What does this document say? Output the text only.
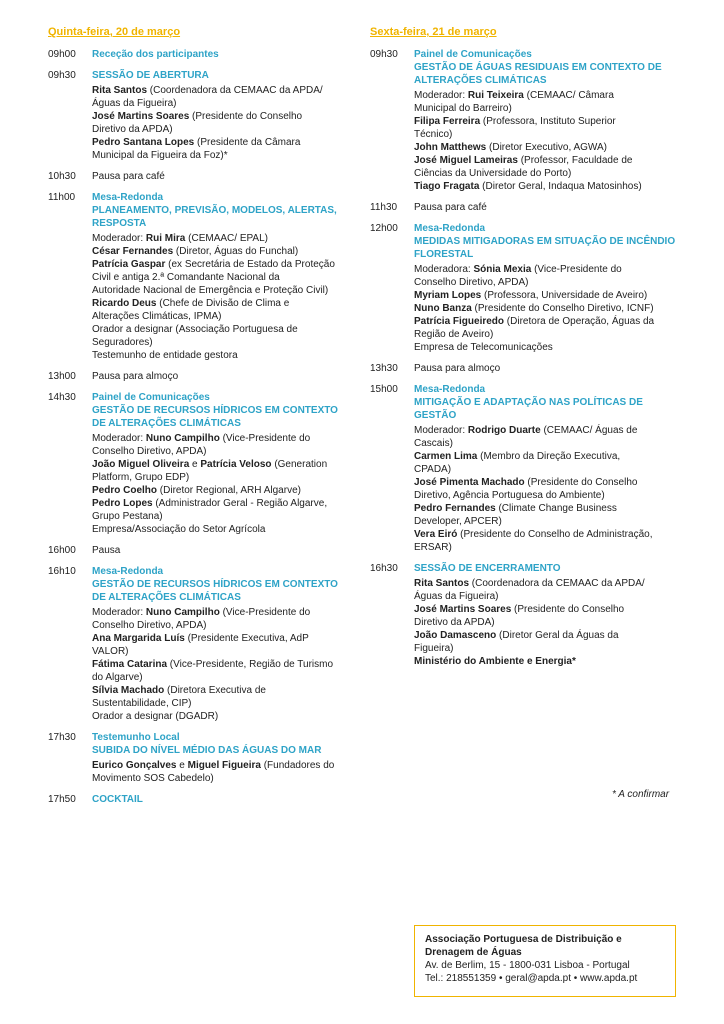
Quinta-feira, 20 de março
09h00	Receção dos participantes
09h30	SESSÃO DE ABERTURA
Rita Santos (Coordenadora da CEMAAC da APDA/
Águas da Figueira)
José Martins Soares (Presidente do Conselho
Diretivo da APDA)
Pedro Santana Lopes (Presidente da Câmara
Municipal da Figueira da Foz)*
10h30	Pausa para café
11h00	Mesa-Redonda
PLANEAMENTO, PREVISÃO, MODELOS, ALERTAS, RESPOSTA
Moderador: Rui Mira (CEMAAC/ EPAL)
César Fernandes (Diretor, Águas do Funchal)
Patrícia Gaspar (ex Secretária de Estado da Proteção
Civil e antiga 2.ª Comandante Nacional da
Autoridade Nacional de Emergência e Proteção Civil)
Ricardo Deus (Chefe de Divisão de Clima e
Alterações Climáticas, IPMA)
Orador a designar (Associação Portuguesa de
Seguradores)
Testemunho de entidade gestora
13h00	Pausa para almoço
14h30	Painel de Comunicações
GESTÃO DE RECURSOS HÍDRICOS EM CONTEXTO DE ALTERAÇÕES CLIMÁTICAS
Moderador: Nuno Campilho (Vice-Presidente do
Conselho Diretivo, APDA)
João Miguel Oliveira e Patrícia Veloso (Generation
Platform, Grupo EDP)
Pedro Coelho (Diretor Regional, ARH Algarve)
Pedro Lopes (Administrador Geral - Região Algarve,
Grupo Pestana)
Empresa/Associação do Setor Agrícola
16h00	Pausa
16h10	Mesa-Redonda
GESTÃO DE RECURSOS HÍDRICOS EM CONTEXTO DE ALTERAÇÕES CLIMÁTICAS
Moderador: Nuno Campilho (Vice-Presidente do
Conselho Diretivo, APDA)
Ana Margarida Luís (Presidente Executiva, AdP
VALOR)
Fátima Catarina (Vice-Presidente, Região de Turismo
do Algarve)
Sílvia Machado (Diretora Executiva de
Sustentabilidade, CIP)
Orador a designar (DGADR)
17h30	Testemunho Local
SUBIDA DO NÍVEL MÉDIO DAS ÁGUAS DO MAR
Eurico Gonçalves e Miguel Figueira (Fundadores do
Movimento SOS Cabedelo)
17h50	COCKTAIL
Sexta-feira, 21 de março
09h30	Painel de Comunicações
GESTÃO DE ÁGUAS RESIDUAIS EM CONTEXTO DE ALTERAÇÕES CLIMÁTICAS
Moderador: Rui Teixeira (CEMAAC/ Câmara
Municipal do Barreiro)
Filipa Ferreira (Professora, Instituto Superior
Técnico)
John Matthews (Diretor Executivo, AGWA)
José Miguel Lameiras (Professor, Faculdade de
Ciências da Universidade do Porto)
Tiago Fragata (Diretor Geral, Indaqua Matosinhos)
11h30	Pausa para café
12h00	Mesa-Redonda
MEDIDAS MITIGADORAS EM SITUAÇÃO DE INCÊNDIO FLORESTAL
Moderadora: Sónia Mexia (Vice-Presidente do
Conselho Diretivo, APDA)
Myriam Lopes (Professora, Universidade de Aveiro)
Nuno Banza (Presidente do Conselho Diretivo, ICNF)
Patrícia Figueiredo (Diretora de Operação, Águas da
Região de Aveiro)
Empresa de Telecomunicações
13h30	Pausa para almoço
15h00	Mesa-Redonda
MITIGAÇÃO E ADAPTAÇÃO NAS POLÍTICAS DE GESTÃO
Moderador: Rodrigo Duarte (CEMAAC/ Águas de
Cascais)
Carmen Lima (Membro da Direção Executiva,
CPADA)
José Pimenta Machado (Presidente do Conselho
Diretivo, Agência Portuguesa do Ambiente)
Pedro Fernandes (Climate Change Business
Developer, APCER)
Vera Eiró (Presidente do Conselho de Administração,
ERSAR)
16h30	SESSÃO DE ENCERRAMENTO
Rita Santos (Coordenadora da CEMAAC da APDA/
Águas da Figueira)
José Martins Soares (Presidente do Conselho
Diretivo da APDA)
João Damasceno (Diretor Geral da Águas da
Figueira)
Ministério do Ambiente e Energia*
* A confirmar
Associação Portuguesa de Distribuição e
Drenagem de Águas
Av. de Berlim, 15 - 1800-031 Lisboa - Portugal
Tel.: 218551359 • geral@apda.pt • www.apda.pt
